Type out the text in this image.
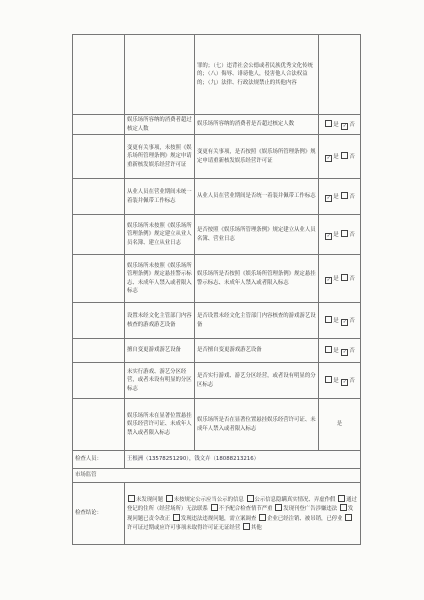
		罪的；（七）违背社会公德或者民族优秀文化传统的；（八）侮辱、诽谤他人，侵害他人合法权益的；（九）法律、行政法规禁止的其他内容	
	娱乐场所容纳的消费者超过核定人数	娱乐场所容纳的消费者是否超过核定人数	是 ✓ 否
	变更有关事项，未按照《娱乐场所管理条例》规定申请重新核发娱乐经营许可证	变更有关事项，是否按照《娱乐场所管理条例》规定申请重新核发娱乐经营许可证	✓ 是 否
	从业人员在营业期间未统一着装并佩带工作标志	从业人员在营业期间是否统一着装并佩带工作标志	✓ 是 否
	娱乐场所未按照《娱乐场所管理条例》规定建立从业人员名簿、建立从业日志	是否按照《娱乐场所管理条例》规定建立从业人员名簿、营业日志	✓ 是 否
	娱乐场所未按照《娱乐场所管理条例》规定悬挂警示标志、未成年人禁入或者限入标志	娱乐场所是否按照《娱乐场所管理条例》规定悬挂警示标志、未成年人禁入或者限入标志	✓ 是 否
	设置未经文化主管部门内容核查的游戏游艺设备	是否设置未经文化主管部门内容核查的游戏游艺设备	是 ✓ 否
	擅自变更游戏游艺设备	是否擅自变更游戏游艺设备	是 ✓ 否
	未实行游戏、游艺分区经营，或者未设有明显的分区标志	是否实行游戏、游艺分区经营，或者设有明显的分区标志	是 ✓ 否
	娱乐场所未在显著位置悬挂娱乐经营许可证、未成年人禁入或者限入标志	娱乐场所是否在显著位置悬挂娱乐经营许可证、未成年人禁入或者限入标志	是
检查人员：	王根洲（13578251290），钱文卉（18088213216）		
市场监管			
检查结论：	未发现问题 未按规定公示应当公示的信息 公示信息隐瞒真实情况、弄虚作假 通过登记的住所（经营场所）无法联系 不予配合检查情节严重 发现刊登广告涉嫌违法 发现问题已责令改正 发现违法违规问题，需立案调查 企业已经注销、被吊销，已停业 许可证过期或应许可事项未取得许可证无证经营 其他		
